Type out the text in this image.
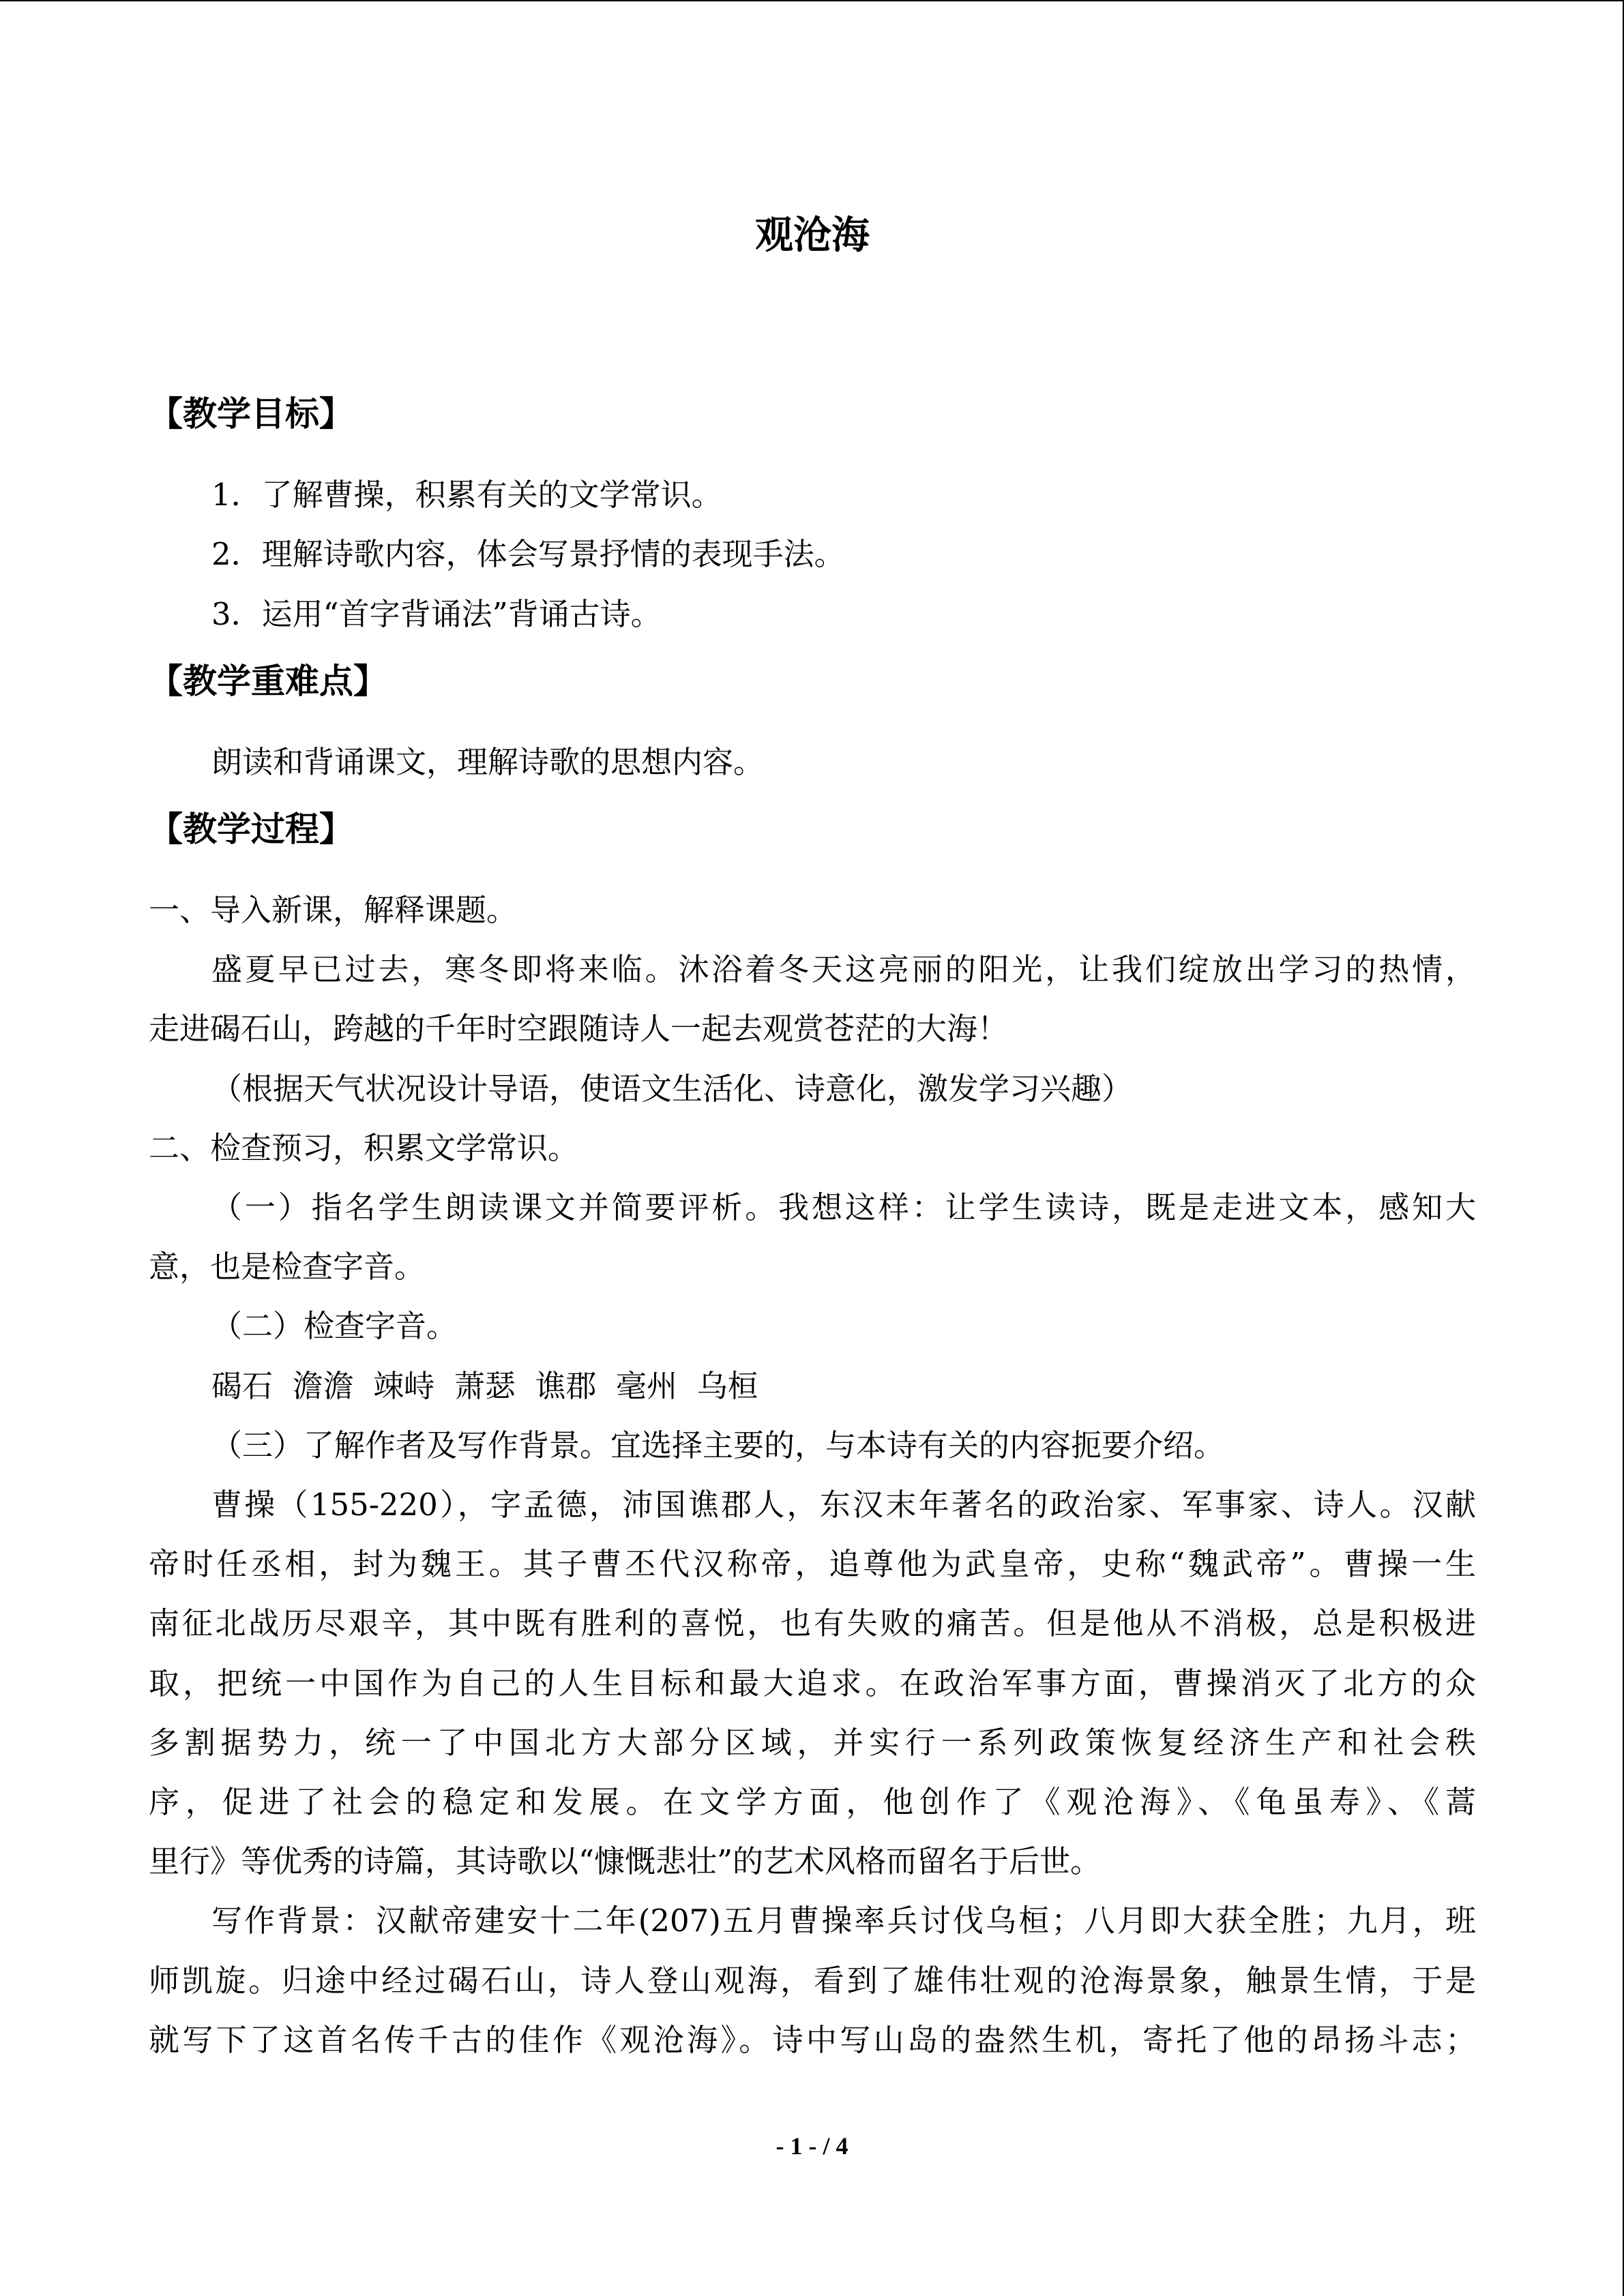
观沧海
【教学目标】
1．了解曹操，积累有关的文学常识。
2．理解诗歌内容，体会写景抒情的表现手法。
3．运用“首字背诵法”背诵古诗。
【教学重难点】
朗读和背诵课文，理解诗歌的思想内容。
【教学过程】
一、导入新课，解释课题。
盛夏早已过去，寒冬即将来临。沐浴着冬天这亮丽的阳光，让我们绽放出学习的热情，
走进碣石山，跨越的千年时空跟随诗人一起去观赏苍茫的大海！
（根据天气状况设计导语，使语文生活化、诗意化，激发学习兴趣）
二、检查预习，积累文学常识。
（一）指名学生朗读课文并简要评析。我想这样：让学生读诗，既是走进文本，感知大
意，也是检查字音。
（二）检查字音。
碣石  澹澹  竦峙  萧瑟  谯郡  毫州  乌桓
（三）了解作者及写作背景。宜选择主要的，与本诗有关的内容扼要介绍。
曹操（155-220），字孟德，沛国谯郡人，东汉末年著名的政治家、军事家、诗人。汉献
帝时任丞相，封为魏王。其子曹丕代汉称帝，追尊他为武皇帝，史称“魏武帝”。曹操一生
南征北战历尽艰辛，其中既有胜利的喜悦，也有失败的痛苦。但是他从不消极，总是积极进
取，把统一中国作为自己的人生目标和最大追求。在政治军事方面，曹操消灭了北方的众
多割据势力，统一了中国北方大部分区域，并实行一系列政策恢复经济生产和社会秩
序，促进了社会的稳定和发展。在文学方面，他创作了《观沧海》、《龟虽寿》、《蒿
里行》等优秀的诗篇，其诗歌以“慷慨悲壮”的艺术风格而留名于后世。
写作背景：汉献帝建安十二年(207)五月曹操率兵讨伐乌桓；八月即大获全胜；九月，班
师凯旋。归途中经过碣石山，诗人登山观海，看到了雄伟壮观的沧海景象，触景生情，于是
就写下了这首名传千古的佳作《观沧海》。诗中写山岛的盎然生机，寄托了他的昂扬斗志；
- 1 - / 4
